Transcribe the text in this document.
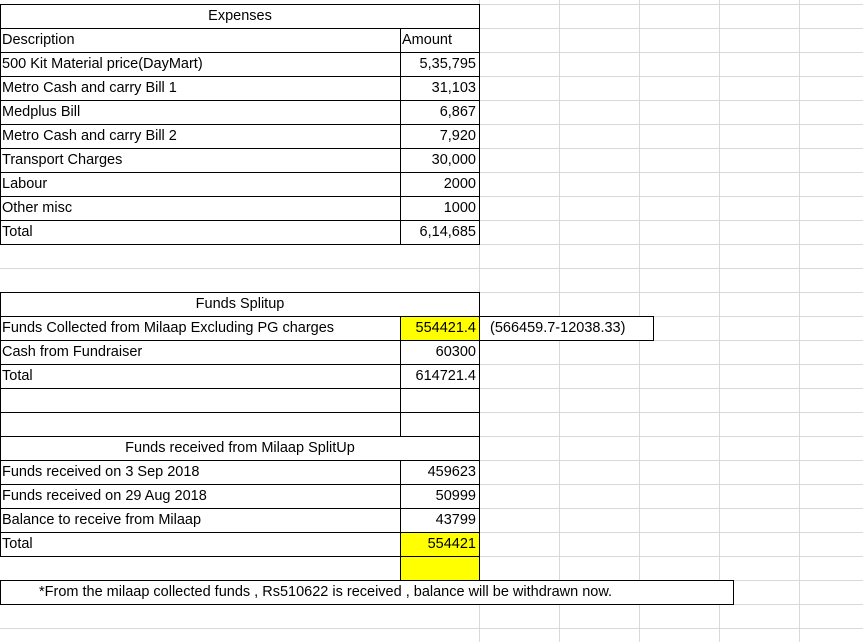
Expenses
Description	Amount
500 Kit Material price(DayMart)	5,35,795
Metro Cash and carry Bill 1	31,103
Medplus Bill	6,867
Metro Cash and carry Bill 2	7,920
Transport Charges	30,000
Labour	2000
Other misc	1000
Total	6,14,685
Funds Splitup
Funds Collected from Milaap Excluding PG charges	554421.4 (566459.7-12038.33)
Cash from Fundraiser	60300
Total	614721.4
Funds received from Milaap SplitUp
Funds received on 3 Sep 2018	459623
Funds received on 29 Aug 2018	50999
Balance to receive from Milaap	43799
Total	554421
*From the milaap collected funds , Rs510622 is received , balance will be withdrawn now.
